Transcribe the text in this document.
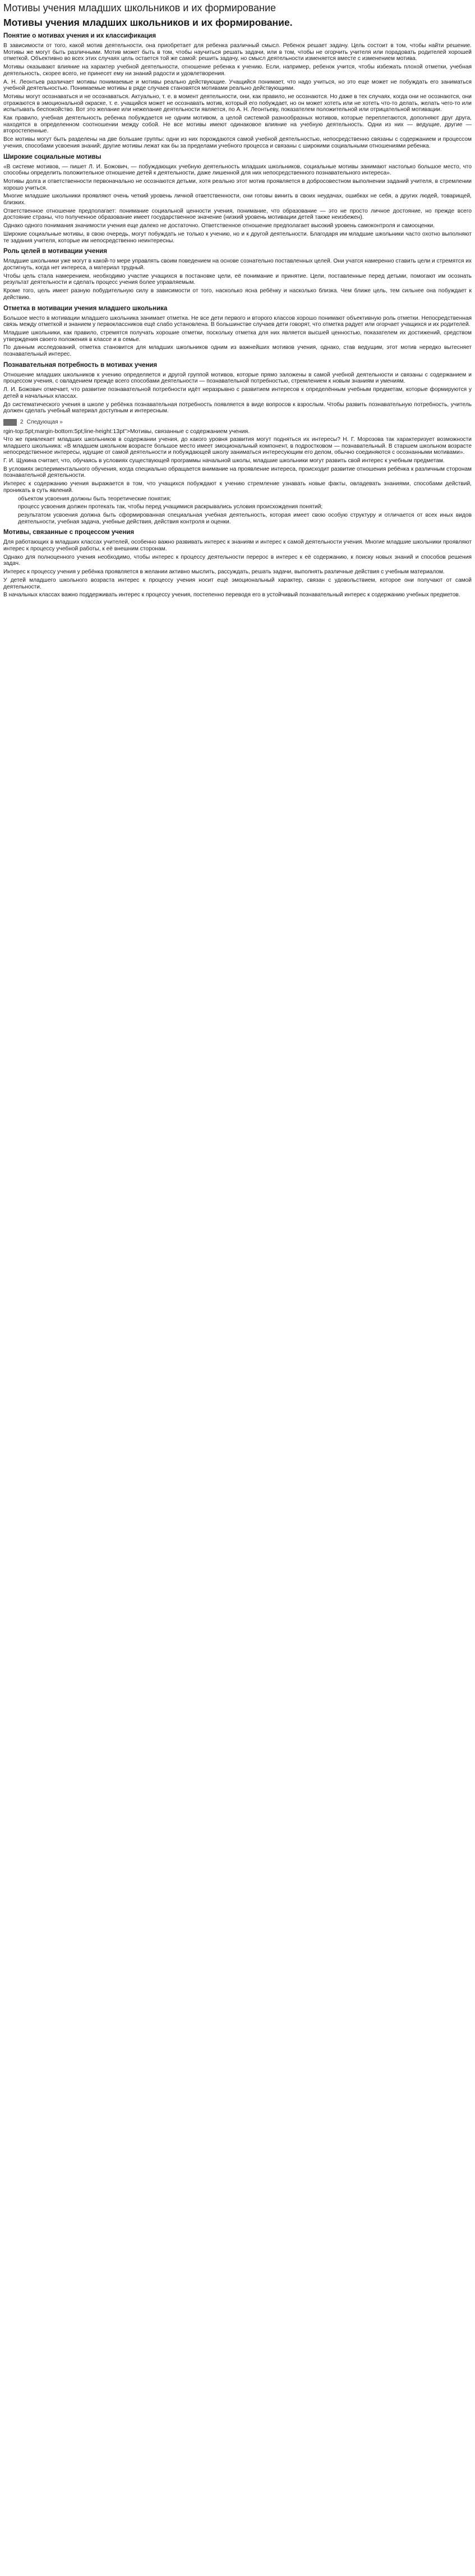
Мотивы учения младших школьников и их формирование
Мотивы учения младших школьников и их формирование.
Понятие о мотивах учения и их классификация
В зависимости от того, какой мотив деятельности, она приобретает для ребенка различный смысл. Ребенок решает задачу. Цель состоит в том, чтобы найти решение. Мотивы же могут быть различными. Мотив может быть в том, чтобы научиться решать задачи, или в том, чтобы не огорчить учителя или порадовать родителей хорошей отметкой. Объективно во всех этих случаях цель остается той же самой: решить задачу, но смысл деятельности изменяется вместе с изменением мотива.
Мотивы оказывают влияние на характер учебной деятельности, отношение ребенка к учению. Если, например, ребенок учится, чтобы избежать плохой отметки, учебная деятельность, скорее всего, не принесет ему ни знаний радости и удовлетворения.
А. Н. Леонтьев различает мотивы понимаемые и мотивы реально действующие. Учащийся понимает, что надо учиться, но это еще может не побуждать его заниматься учебной деятельностью. Понимаемые мотивы в ряде случаев становятся мотивами реально действующими.
Мотивы могут осознаваться и не осознаваться. Актуально, т. е. в момент деятельности, они, как правило, не осознаются. Но даже в тех случаях, когда они не осознаются, они отражаются в эмоциональной окраске, т. е. учащийся может не осознавать мотив, который его побуждает, но он может хотеть или не хотеть что-то делать, желать чего-то или испытывать беспокойство. Вот это желание или нежелание деятельности является, по А. Н. Леонтьеву, показателем положительной или отрицательной мотивации.
Как правило, учебная деятельность ребенка побуждается не одним мотивом, а целой системой разнообразных мотивов, которые переплетаются, дополняют друг друга, находятся в определенном соотношении между собой. Не все мотивы имеют одинаковое влияние на учебную деятельность. Одни из них — ведущие, другие — второстепенные.
Все мотивы могут быть разделены на две большие группы: одни из них порождаются самой учебной деятельностью, непосредственно связаны с содержанием и процессом учения, способами усвоения знаний; другие мотивы лежат как бы за пределами учебного процесса и связаны с широкими социальными отношениями ребенка.
Широкие социальные мотивы
«В системе мотивов, — пишет Л. И. Божович, — побуждающих учебную деятельность младших школьников, социальные мотивы занимают настолько большое место, что способны определить положительное отношение детей к деятельности, даже лишенной для них непосредственного познавательного интереса».
Мотивы долга и ответственности первоначально не осознаются детьми, хотя реально этот мотив проявляется в добросовестном выполнении заданий учителя, в стремлении хорошо учиться.
Многие младшие школьники проявляют очень четкий уровень личной ответственности, они готовы винить в своих неудачах, ошибках не себя, а других людей, товарищей, близких.
Ответственное отношение предполагает: понимание социальной ценности учения, понимание, что образование — это не просто личное достояние, но прежде всего достояние страны, что полученное образование имеет государственное значение (низкий уровень мотивации детей также неизбежен).
Однако одного понимания значимости учения еще далеко не достаточно. Ответственное отношение предполагает высокий уровень самоконтроля и самооценки.
Широкие социальные мотивы, в свою очередь, могут побуждать не только к учению, но и к другой деятельности. Благодаря им младшие школьники часто охотно выполняют те задания учителя, которые им непосредственно неинтересны.
Роль целей в мотивации учения
Младшие школьники уже могут в какой-то мере управлять своим поведением на основе сознательно поставленных целей. Они учатся намеренно ставить цели и стремятся их достигнуть, когда нет интереса, а материал трудный.
Чтобы цель стала намерением, необходимо участие учащихся в постановке цели, её понимание и принятие. Цели, поставленные перед детьми, помогают им осознать результат деятельности и сделать процесс учения более управляемым.
Кроме того, цель имеет разную побудительную силу в зависимости от того, насколько ясна ребёнку и насколько близка. Чем ближе цель, тем сильнее она побуждает к действию.
Отметка в мотивации учения младшего школьника
Большое место в мотивации младшего школьника занимает отметка. Не все дети первого и второго классов хорошо понимают объективную роль отметки. Непосредственная связь между отметкой и знанием у первоклассников ещё слабо установлена. В большинстве случаев дети говорят, что отметка радует или огорчает учащихся и их родителей.
Младшие школьники, как правило, стремятся получать хорошие отметки, поскольку отметка для них является высшей ценностью, показателем их достижений, средством утверждения своего положения в классе и в семье.
По данным исследований, отметка становится для младших школьников одним из важнейших мотивов учения, однако, став ведущим, этот мотив нередко вытесняет познавательный интерес.
Познавательная потребность в мотивах учения
Отношение младших школьников к учению определяется и другой группой мотивов, которые прямо заложены в самой учебной деятельности и связаны с содержанием и процессом учения, с овладением прежде всего способами деятельности — познавательной потребностью, стремлением к новым знаниям и умениям.
Л. И. Божович отмечает, что развитие познавательной потребности идёт неразрывно с развитием интересов к определённым учебным предметам, которые формируются у детей в начальных классах.
До систематического учения в школе у ребёнка познавательная потребность появляется в виде вопросов к взрослым. Чтобы развить познавательную потребность, учитель должен сделать учебный материал доступным и интересным.
2 Следующая »
rgin-top:5pt;margin-bottom:5pt;line-height:13pt">Мотивы, связанные с содержанием учения.
Что же привлекает младших школьников в содержании учения, до какого уровня развития могут подняться их интересы? Н. Г. Морозова так характеризует возможности младшего школьника: «В младшем школьном возрасте большое место имеет эмоциональный компонент, в подростковом — познавательный. В старшем школьном возрасте непосредственное интересы, идущие от самой деятельности и побуждающей школу заниматься интересующим его делом, обычно соединяются с осознанными мотивами».
Г. И. Щукина считает, что, обучаясь в условиях существующей программы начальной школы, младшие школьники могут развить свой интерес к учебным предметам.
В условиях экспериментального обучения, когда специально обращается внимание на проявление интереса, происходит развитие отношения ребёнка к различным сторонам познавательной деятельности.
Интерес к содержанию учения выражается в том, что учащихся побуждают к учению стремление узнавать новые факты, овладевать знаниями, способами действий, проникать в суть явлений.
объектом усвоения должны быть теоретические понятия;
процесс усвоения должен протекать так, чтобы перед учащимися раскрывались условия происхождения понятий;
результатом усвоения должна быть сформированная специальная учебная деятельность, которая имеет свою особую структуру и отличается от всех иных видов деятельности, учебная задача, учебные действия, действия контроля и оценки.
Мотивы, связанные с процессом учения
Для работающих в младших классах учителей, особенно важно развивать интерес к знаниям и интерес к самой деятельности учения. Многие младшие школьники проявляют интерес к процессу учебной работы, к её внешним сторонам.
Однако для полноценного учения необходимо, чтобы интерес к процессу деятельности перерос в интерес к её содержанию, к поиску новых знаний и способов решения задач.
Интерес к процессу учения у ребёнка проявляется в желании активно мыслить, рассуждать, решать задачи, выполнять различные действия с учебным материалом.
У детей младшего школьного возраста интерес к процессу учения носит ещё эмоциональный характер, связан с удовольствием, которое они получают от самой деятельности.
В начальных классах важно поддерживать интерес к процессу учения, постепенно переводя его в устойчивый познавательный интерес к содержанию учебных предметов.
